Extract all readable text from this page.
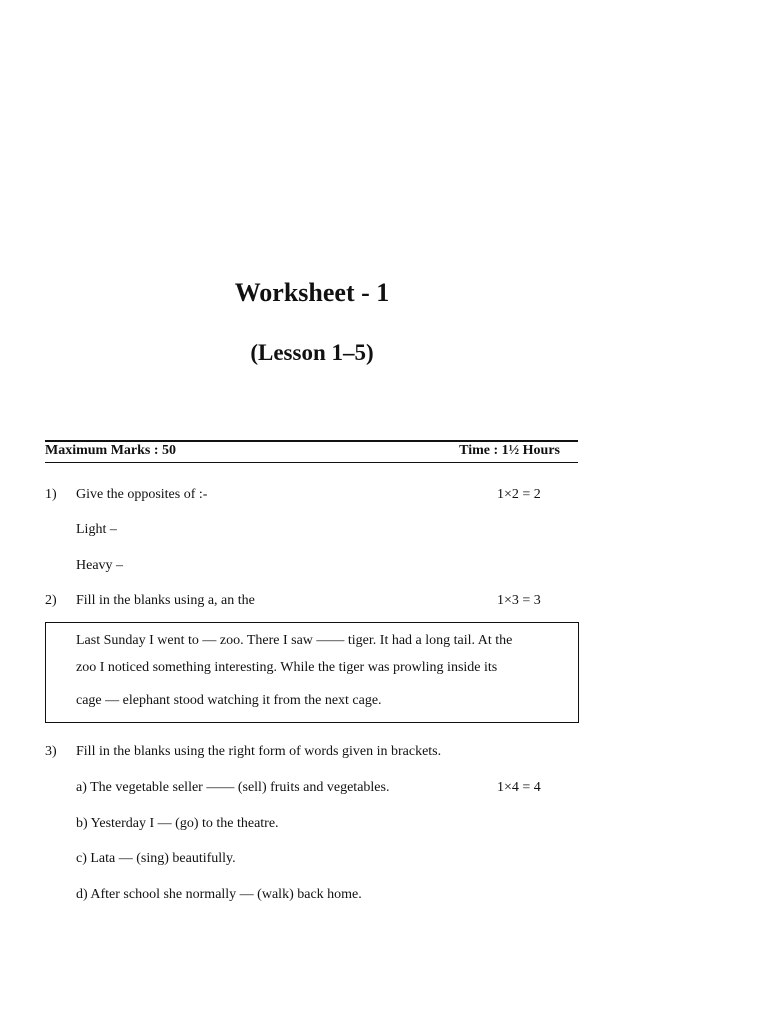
Worksheet - 1
(Lesson 1–5)
Maximum Marks : 50	Time : 1½ Hours
1) Give the opposites of :-	1×2 = 2
Light –
Heavy –
2) Fill in the blanks using a, an the	1×3 = 3
Last Sunday I went to — zoo. There I saw —— tiger. It had a long tail. At the
zoo I noticed something interesting. While the tiger was prowling inside its
cage — elephant stood watching it from the next cage.
3) Fill in the blanks using the right form of words given in brackets.
a) The vegetable seller —— (sell) fruits and vegetables.	1×4 = 4
b) Yesterday I — (go) to the theatre.
c) Lata — (sing) beautifully.
d) After school she normally — (walk) back home.
